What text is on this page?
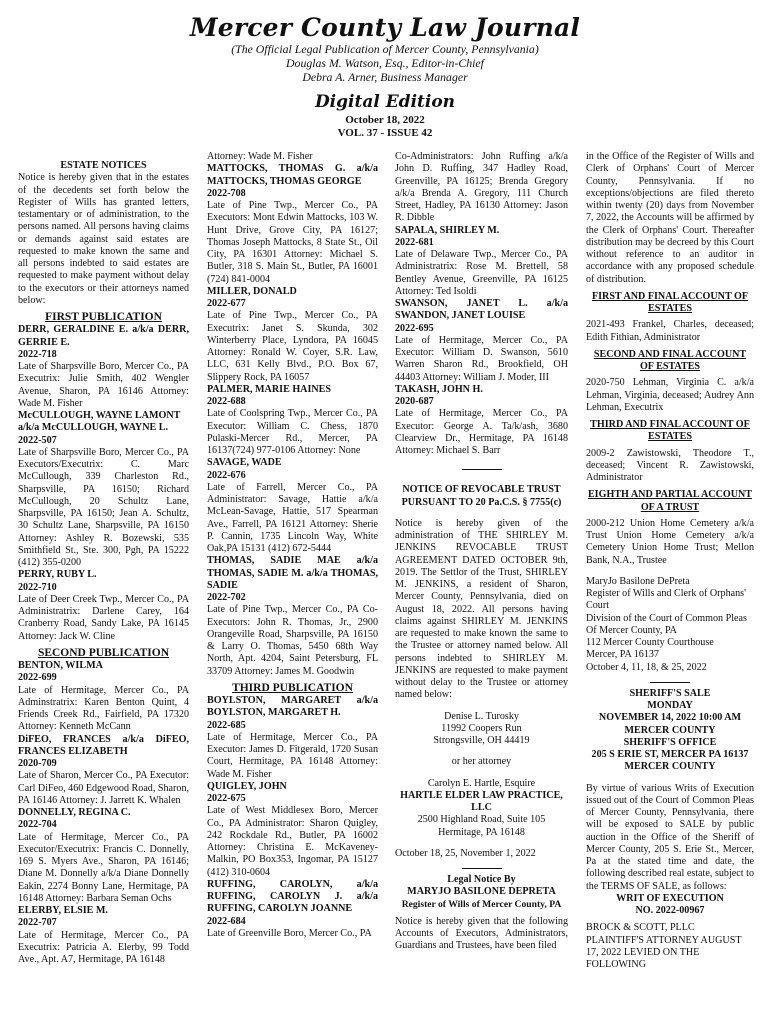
Mercer County Law Journal
(The Official Legal Publication of Mercer County, Pennsylvania)
Douglas M. Watson, Esq., Editor-in-Chief
Debra A. Arner, Business Manager
Digital Edition
October 18, 2022
VOL. 37 - ISSUE 42

ESTATE NOTICES

Notice is hereby given that in the estates of the decedents set forth below the Register of Wills has granted letters, testamentary or of administration, to the persons named. All persons having claims or demands against said estates are requested to make known the same and all persons indebted to said estates are requested to make payment without delay to the executors or their attorneys named below:

FIRST PUBLICATION

DERR, GERALDINE E. a/k/a DERR, GERRIE E.

2022-718

Late of Sharpsville Boro, Mercer Co., PA Executrix: Julie Smith, 402 Wengler Avenue, Sharon, PA 16146 Attorney: Wade M. Fisher

McCULLOUGH, WAYNE LAMONT a/k/a McCULLOUGH, WAYNE L.

2022-507

Late of Sharpsville Boro, Mercer Co., PA Executors/Executrix: C. Marc McCullough, 339 Charleston Rd., Sharpsville, PA 16150; Richard McCullough, 20 Schultz Lane, Sharpsville, PA 16150; Jean A. Schultz, 30 Schultz Lane, Sharpsville, PA 16150 Attorney: Ashley R. Bozewski, 535 Smithfield St., Ste. 300, Pgh, PA 15222 (412) 355-0200

PERRY, RUBY L.

2022-710

Late of Deer Creek Twp., Mercer Co., PA Administratrix: Darlene Carey, 164 Cranberry Road, Sandy Lake, PA 16145 Attorney: Jack W. Cline

SECOND PUBLICATION

BENTON, WILMA

2022-699

Late of Hermitage, Mercer Co., PA Adminstratrix: Karen Benton Quint, 4 Friends Creek Rd., Fairfield, PA 17320 Attorney: Kenneth McCann

DiFEO, FRANCES a/k/a DiFEO, FRANCES ELIZABETH

2020-709

Late of Sharon, Mercer Co., PA Executor: Carl DiFeo, 460 Edgewood Road, Sharon, PA 16146 Attorney: J. Jarrett K. Whalen

DONNELLY, REGINA C.

2022-704

Late of Hermitage, Mercer Co., PA Executor/Executrix: Francis C. Donnelly, 169 S. Myers Ave., Sharon, PA 16146; Diane M. Donnelly a/k/a Diane Donnelly Eakin, 2274 Bonny Lane, Hermitage, PA 16148 Attorney: Barbara Seman Ochs

ELERBY, ELSIE M.

2022-707

Late of Hermitage, Mercer Co., PA Executrix: Patricia A. Elerby, 99 Todd Ave., Apt. A7, Hermitage, PA 16148

Attorney: Wade M. Fisher

MATTOCKS, THOMAS G. a/k/a MATTOCKS, THOMAS GEORGE

2022-708

Late of Pine Twp., Mercer Co., PA Executors: Mont Edwin Mattocks, 103 W. Hunt Drive, Grove City, PA 16127; Thomas Joseph Mattocks, 8 State St., Oil City, PA 16301 Attorney: Michael S. Butler, 318 S. Main St., Butler, PA 16001 (724) 841-0004

MILLER, DONALD

2022-677

Late of Pine Twp., Mercer Co., PA Executrix: Janet S. Skunda, 302 Winterberry Place, Lyndora, PA 16045 Attorney: Ronald W. Coyer, S.R. Law, LLC, 631 Kelly Blvd., P.O. Box 67, Slippery Rock, PA 16057

PALMER, MARIE HAINES

2022-688

Late of Coolspring Twp., Mercer Co., PA Executor: William C. Chess, 1870 Pulaski-Mercer Rd., Mercer, PA 16137(724) 977-0106 Attorney: None

SAVAGE, WADE

2022-676

Late of Farrell, Mercer Co., PA Administrator: Savage, Hattie a/k/a McLean-Savage, Hattie, 517 Spearman Ave., Farrell, PA 16121 Attorney: Sherie P. Cannin, 1735 Lincoln Way, White Oak,PA 15131 (412) 672-5444

THOMAS, SADIE MAE a/k/a THOMAS, SADIE M. a/k/a THOMAS, SADIE

2022-702

Late of Pine Twp., Mercer Co., PA Co-Executors: John R. Thomas, Jr., 2900 Orangeville Road, Sharpsville, PA 16150 & Larry O. Thomas, 5450 68th Way North, Apt. 4204, Saint Petersburg, FL 33709 Attorney: James M. Goodwin

THIRD PUBLICATION

BOYLSTON, MARGARET a/k/a BOYLSTON, MARGARET H.

2022-685

Late of Hermitage, Mercer Co., PA Executor: James D. Fitgerald, 1720 Susan Court, Hermitage, PA 16148 Attorney: Wade M. Fisher

QUIGLEY, JOHN

2022-675

Late of West Middlesex Boro, Mercer Co., PA Administrator: Sharon Quigley, 242 Rockdale Rd., Butler, PA 16002 Attorney: Christina E. McKaveney-Malkin, PO Box353, Ingomar, PA 15127 (412) 310-0604

RUFFING, CAROLYN, a/k/a RUFFING, CAROLYN J. a/k/a RUFFING, CAROLYN JOANNE

2022-684

Late of Greenville Boro, Mercer Co., PA

Co-Administrators: John Ruffing a/k/a John D. Ruffing, 347 Hadley Road, Greenville, PA 16125; Brenda Gregory a/k/a Brenda A. Gregory, 111 Church Street, Hadley, PA 16130 Attorney: Jason R. Dibble

SAPALA, SHIRLEY M.

2022-681

Late of Delaware Twp., Mercer Co., PA Administratrix: Rose M. Brettell, 58 Bentley Avenue, Greenville, PA 16125 Attorney: Ted Isoldi

SWANSON, JANET L. a/k/a SWANDON, JANET LOUISE

2022-695

Late of Hermitage, Mercer Co., PA Executor: William D. Swanson, 5610 Warren Sharon Rd., Brookfield, OH 44403 Attorney: William J. Moder, III

TAKASH, JOHN H.

2020-687

Late of Hermitage, Mercer Co., PA Executor: George A. Ta/k/ash, 3680 Clearview Dr., Hermitage, PA 16148 Attorney: Michael S. Barr

NOTICE OF REVOCABLE TRUST PURSUANT TO 20 Pa.C.S. § 7755(c)

Notice is hereby given of the administration of THE SHIRLEY M. JENKINS REVOCABLE TRUST AGREEMENT DATED OCTOBER 9th, 2019. The Settlor of the Trust, SHIRLEY M. JENKINS, a resident of Sharon, Mercer County, Pennsylvania, died on August 18, 2022. All persons having claims against SHIRLEY M. JENKINS are requested to make known the same to the Trustee or attorney named below. All persons indebted to SHIRLEY M. JENKINS are requested to make payment without delay to the Trustee or attorney named below:

Denise L. Turosky

11992 Coopers Run

Strongsville, OH 44419

or her attorney

Carolyn E. Hartle, Esquire

HARTLE ELDER LAW PRACTICE, LLC

2500 Highland Road, Suite 105

Hermitage, PA 16148

October 18, 25, November 1, 2022

Legal Notice By

MARYJO BASILONE DEPRETA

Register of Wills of Mercer County, PA

Notice is hereby given that the following Accounts of Executors, Administrators, Guardians and Trustees, have been filed

in the Office of the Register of Wills and Clerk of Orphans' Court of Mercer County, Pennsylvania. If no exceptions/objections are filed thereto within twenty (20) days from November 7, 2022, the Accounts will be affirmed by the Clerk of Orphans' Court. Thereafter distribution may be decreed by this Court without reference to an auditor in accordance with any proposed schedule of distribution.

FIRST AND FINAL ACCOUNT OF ESTATES

2021-493 Frankel, Charles, deceased; Edith Fithian, Administrator

SECOND AND FINAL ACCOUNT OF ESTATES

2020-750 Lehman, Virginia C. a/k/a Lehman, Virginia, deceased; Audrey Ann Lehman, Executrix

THIRD AND FINAL ACCOUNT OF ESTATES

2009-2 Zawistowski, Theodore T., deceased; Vincent R. Zawistowski, Administrator

EIGHTH AND PARTIAL ACCOUNT OF A TRUST

2000-212 Union Home Cemetery a/k/a Trust Union Home Cemetery a/k/a Cemetery Union Home Trust; Mellon Bank, N.A., Trustee

MaryJo Basilone DePreta

Register of Wills and Clerk of Orphans' Court

Division of the Court of Common Pleas

Of Mercer County, PA

112 Mercer County Courthouse

Mercer, PA 16137

October 4, 11, 18, & 25, 2022

SHERIFF'S SALE

MONDAY

NOVEMBER 14, 2022 10:00 AM

MERCER COUNTY

SHERIFF'S OFFICE

205 S ERIE ST, MERCER PA 16137

MERCER COUNTY

By virtue of various Writs of Execution issued out of the Court of Common Pleas of Mercer County, Pennsylvania, there will be exposed to SALE by public auction in the Office of the Sheriff of Mercer County, 205 S. Erie St., Mercer, Pa at the stated time and date, the following described real estate, subject to the TERMS OF SALE, as follows:

WRIT OF EXECUTION

NO. 2022-00967

BROCK & SCOTT, PLLC PLAINTIFF'S ATTORNEY AUGUST 17, 2022 LEVIED ON THE FOLLOWING
